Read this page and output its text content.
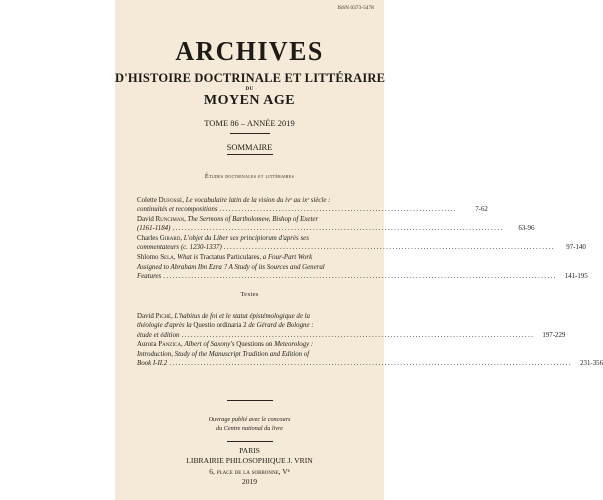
ISSN 0373-5478
ARCHIVES
D'HISTOIRE DOCTRINALE ET LITTÉRAIRE
DU
MOYEN AGE
TOME 86 – ANNÉE 2019
SOMMAIRE
Études doctrinales et littéraires
Colette Dufossé, Le vocabulaire latin de la vision du ivᵉ au ixᵉ siècle :
continuités et recompositions ............................................................................	7-62
David Runciman, The Sermons of Bartholomew, Bishop of Exeter
(1161-1184) ..........................................................................................................	63-96
Charles Girard, L'objet du Liber sex principiorum d'après ses
commentateurs (c. 1230-1337) ..........................................................................................................	97-140
Shlomo Sela, What is Tractatus Particulares, a Four-Part Work
Assigned to Abraham Ibn Ezra ? A Study of its Sources and General
Features ..............................................................................................................................	141-195
Textes
David Piché, L'habitus de foi et le statut épistémologique de la
théologie d'après la Questio ordinaria 2 de Gérard de Bologne :
étude et édition .................................................................................................................	197-229
Aurora Panzica, Albert of Saxony's Questions on Meteorology :
Introduction, Study of the Manuscript Tradition and Edition of
Book I-II.2 .................................................................................................................................	231-356
Ouvrage publié avec le concours
du Centre national du livre
PARIS
LIBRAIRIE PHILOSOPHIQUE J. VRIN
6, place de la sorbonne, Vᵉ
2019
